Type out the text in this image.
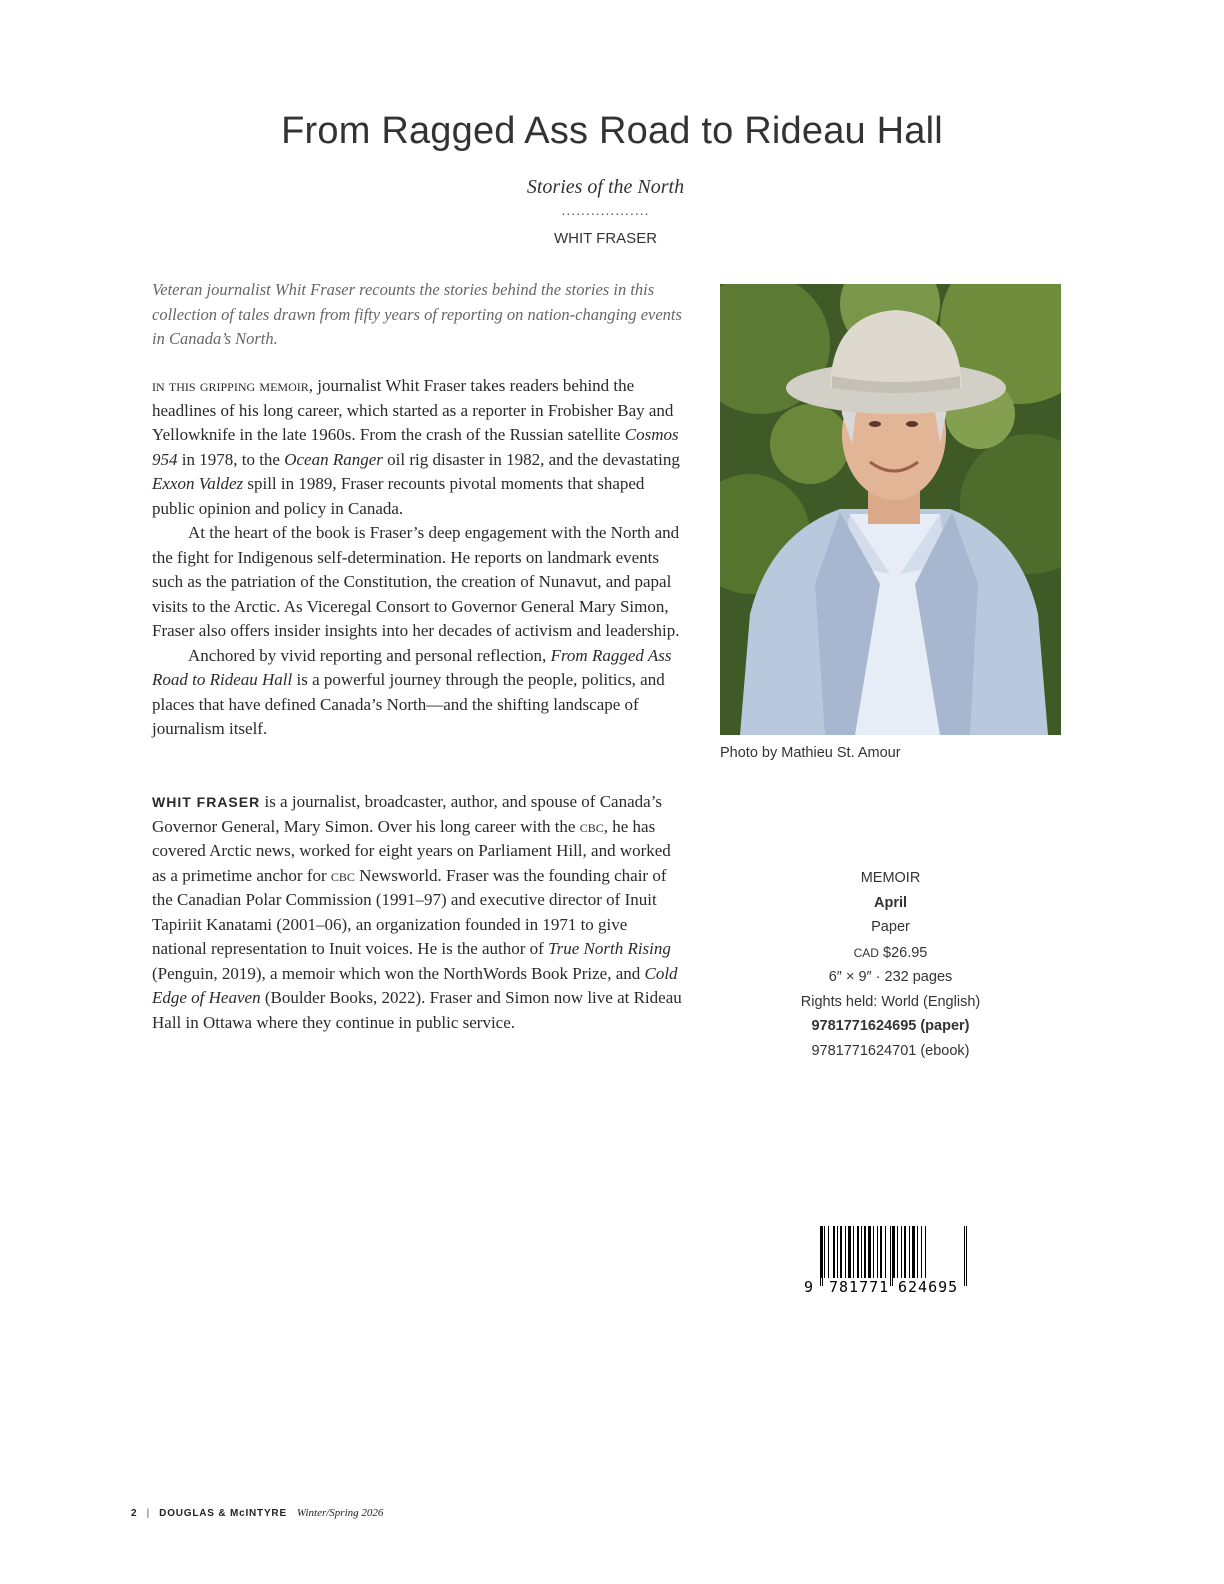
From Ragged Ass Road to Rideau Hall
Stories of the North
..................
WHIT FRASER
Veteran journalist Whit Fraser recounts the stories behind the stories in this collection of tales drawn from fifty years of reporting on nation-changing events in Canada’s North.

in this gripping memoir, journalist Whit Fraser takes readers behind the headlines of his long career, which started as a reporter in Frobisher Bay and Yellowknife in the late 1960s. From the crash of the Russian satellite Cosmos 954 in 1978, to the Ocean Ranger oil rig disaster in 1982, and the devastating Exxon Valdez spill in 1989, Fraser recounts pivotal moments that shaped public opinion and policy in Canada.

At the heart of the book is Fraser’s deep engagement with the North and the fight for Indigenous self-determination. He reports on landmark events such as the patriation of the Constitution, the creation of Nunavut, and papal visits to the Arctic. As Viceregal Consort to Governor General Mary Simon, Fraser also offers insider insights into her decades of activism and leadership.

Anchored by vivid reporting and personal reflection, From Ragged Ass Road to Rideau Hall is a powerful journey through the people, politics, and places that have defined Canada’s North—and the shifting landscape of journalism itself.

WHIT FRASER is a journalist, broadcaster, author, and spouse of Canada’s Governor General, Mary Simon. Over his long career with the cbc, he has covered Arctic news, worked for eight years on Parliament Hill, and worked as a primetime anchor for cbc Newsworld. Fraser was the founding chair of the Canadian Polar Commission (1991–97) and executive director of Inuit Tapiriit Kanatami (2001–06), an organization founded in 1971 to give national representation to Inuit voices. He is the author of True North Rising (Penguin, 2019), a memoir which won the NorthWords Book Prize, and Cold Edge of Heaven (Boulder Books, 2022). Fraser and Simon now live at Rideau Hall in Ottawa where they continue in public service.

Photo by Mathieu St. Amour
MEMOIR
April
Paper
cad $26.95
6″ × 9″ · 232 pages
Rights held: World (English)
9781771624695 (paper)
9781771624701 (ebook)
9 781771 624695
2 | DOUGLAS & McINTYRE Winter/Spring 2026
